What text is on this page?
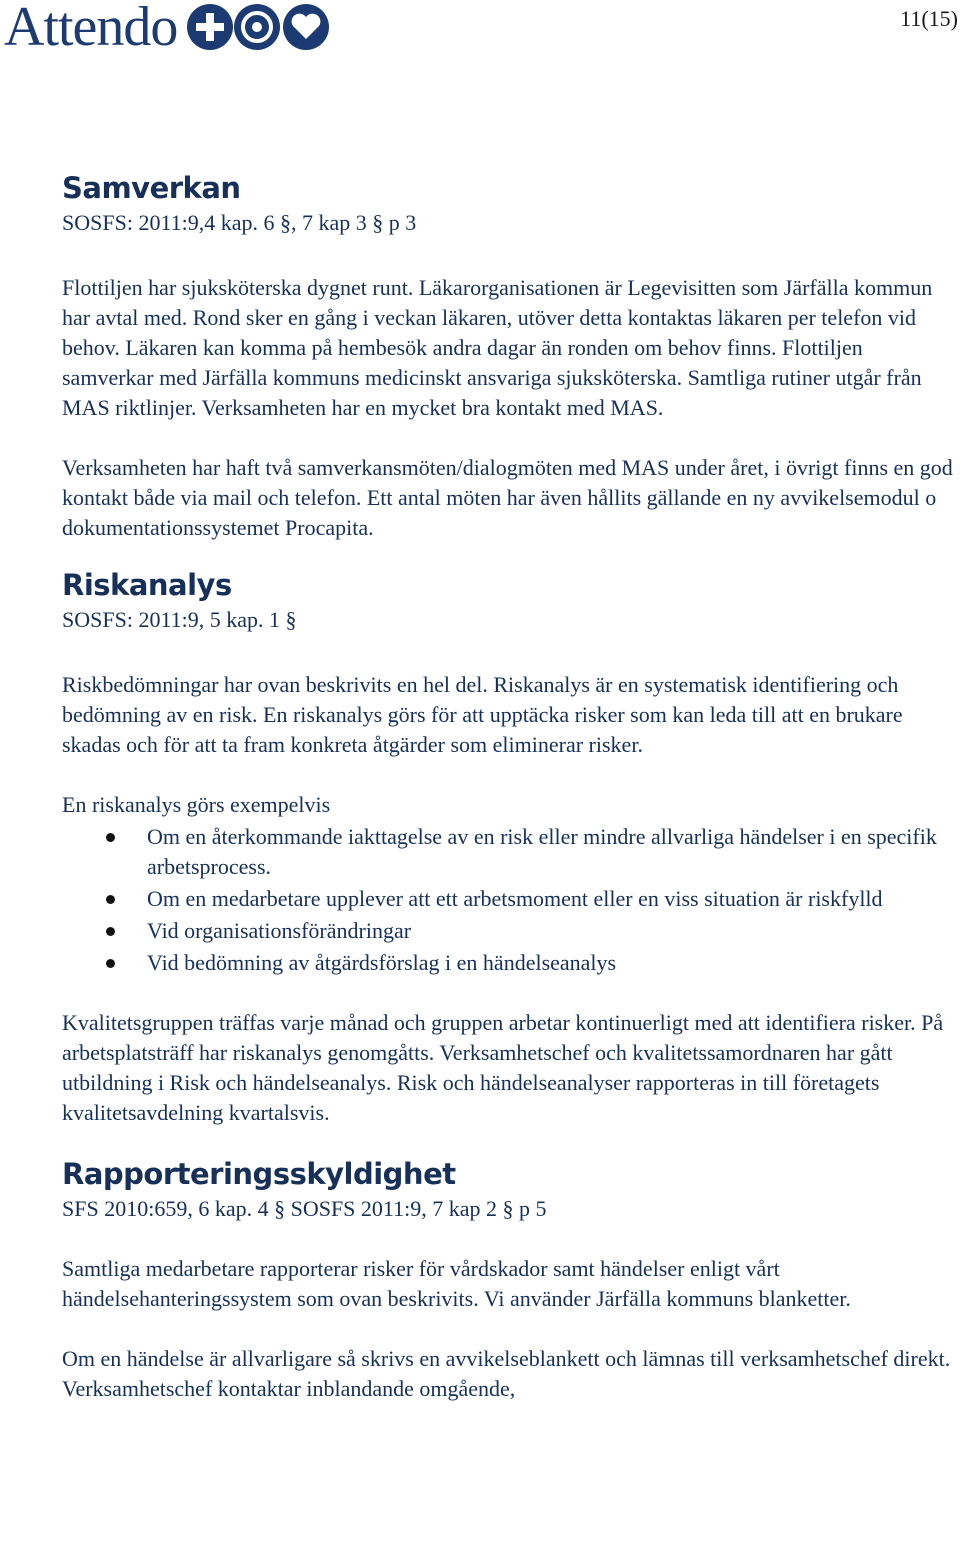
Attendo	11(15)
Samverkan

SOSFS: 2011:9,4 kap. 6 §, 7 kap 3 § p 3

Flottiljen har sjuksköterska dygnet runt. Läkarorganisationen är Legevisitten som Järfälla kommun har avtal med. Rond sker en gång i veckan läkaren, utöver detta kontaktas läkaren per telefon vid behov. Läkaren kan komma på hembesök andra dagar än ronden om behov finns. Flottiljen samverkar med Järfälla kommuns medicinskt ansvariga sjuksköterska. Samtliga rutiner utgår från MAS riktlinjer. Verksamheten har en mycket bra kontakt med MAS.

Verksamheten har haft två samverkansmöten/dialogmöten med MAS under året, i övrigt finns en god kontakt både via mail och telefon. Ett antal möten har även hållits gällande en ny avvikelsemodul o dokumentationssystemet Procapita.

Riskanalys

SOSFS: 2011:9, 5 kap. 1 §

Riskbedömningar har ovan beskrivits en hel del. Riskanalys är en systematisk identifiering och bedömning av en risk. En riskanalys görs för att upptäcka risker som kan leda till att en brukare skadas och för att ta fram konkreta åtgärder som eliminerar risker.

En riskanalys görs exempelvis

Om en återkommande iakttagelse av en risk eller mindre allvarliga händelser i en specifik arbetsprocess.
Om en medarbetare upplever att ett arbetsmoment eller en viss situation är riskfylld
Vid organisationsförändringar
Vid bedömning av åtgärdsförslag i en händelseanalys

Kvalitetsgruppen träffas varje månad och gruppen arbetar kontinuerligt med att identifiera risker. På arbetsplatsträff har riskanalys genomgåtts. Verksamhetschef och kvalitetssamordnaren har gått utbildning i Risk och händelseanalys. Risk och händelseanalyser rapporteras in till företagets kvalitetsavdelning kvartalsvis.

Rapporteringsskyldighet

SFS 2010:659, 6 kap. 4 § SOSFS 2011:9, 7 kap 2 § p 5

Samtliga medarbetare rapporterar risker för vårdskador samt händelser enligt vårt händelsehanteringssystem som ovan beskrivits. Vi använder Järfälla kommuns blanketter.

Om en händelse är allvarligare så skrivs en avvikelseblankett och lämnas till verksamhetschef direkt. Verksamhetschef kontaktar inblandande omgående,
